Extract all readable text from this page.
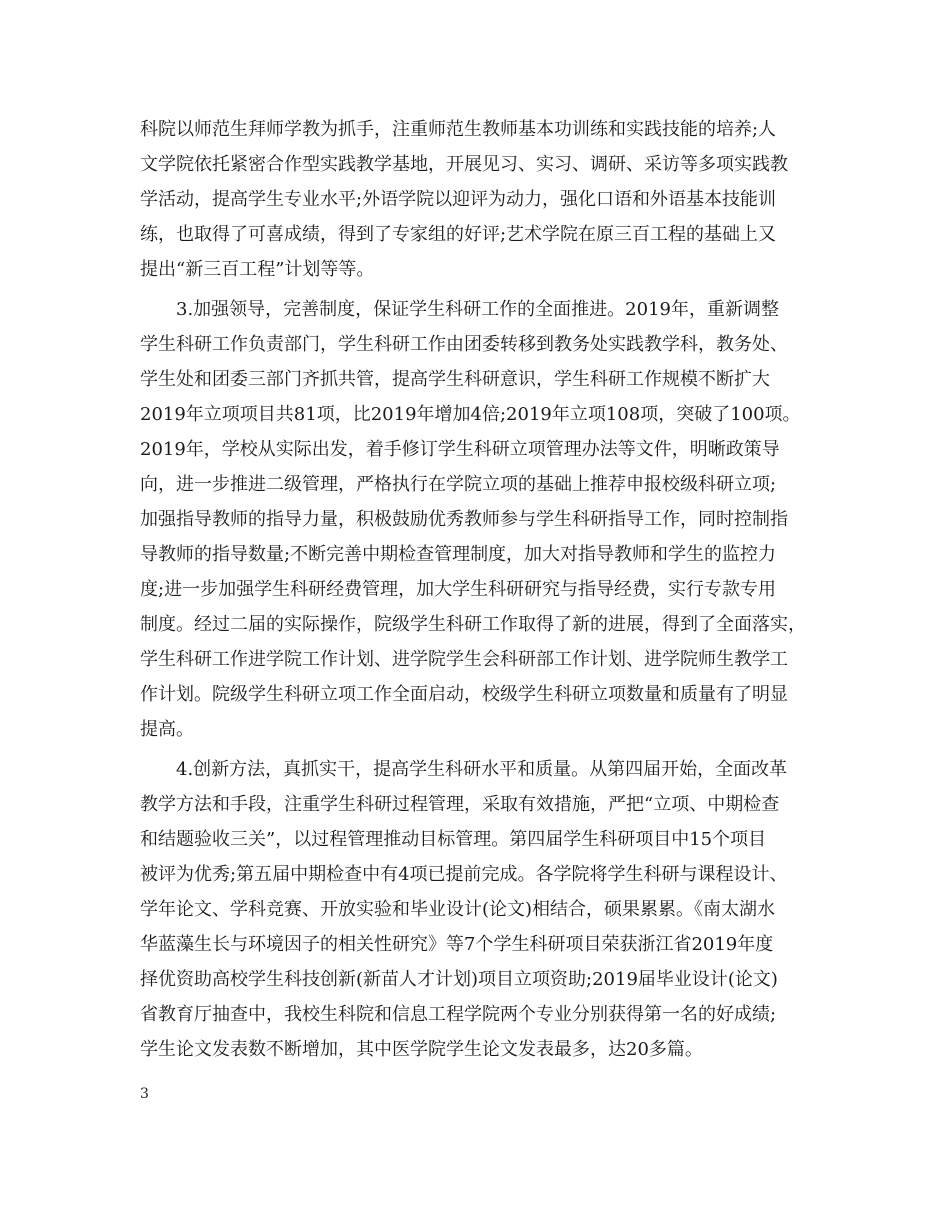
科院以师范生拜师学教为抓手，注重师范生教师基本功训练和实践技能的培养;人
文学院依托紧密合作型实践教学基地，开展见习、实习、调研、采访等多项实践教
学活动，提高学生专业水平;外语学院以迎评为动力，强化口语和外语基本技能训
练，也取得了可喜成绩，得到了专家组的好评;艺术学院在原三百工程的基础上又
提出“新三百工程”计划等等。

3.加强领导，完善制度，保证学生科研工作的全面推进。2019年，重新调整
学生科研工作负责部门，学生科研工作由团委转移到教务处实践教学科，教务处、
学生处和团委三部门齐抓共管，提高学生科研意识，学生科研工作规模不断扩大
2019年立项项目共81项，比2019年增加4倍;2019年立项108项，突破了100项。
2019年，学校从实际出发，着手修订学生科研立项管理办法等文件，明晰政策导
向，进一步推进二级管理，严格执行在学院立项的基础上推荐申报校级科研立项;
加强指导教师的指导力量，积极鼓励优秀教师参与学生科研指导工作，同时控制指
导教师的指导数量;不断完善中期检查管理制度，加大对指导教师和学生的监控力
度;进一步加强学生科研经费管理，加大学生科研研究与指导经费，实行专款专用
制度。经过二届的实际操作，院级学生科研工作取得了新的进展，得到了全面落实，
学生科研工作进学院工作计划、进学院学生会科研部工作计划、进学院师生教学工
作计划。院级学生科研立项工作全面启动，校级学生科研立项数量和质量有了明显
提高。

4.创新方法，真抓实干，提高学生科研水平和质量。从第四届开始，全面改革
教学方法和手段，注重学生科研过程管理，采取有效措施，严把“立项、中期检查
和结题验收三关”，以过程管理推动目标管理。第四届学生科研项目中15个项目
被评为优秀;第五届中期检查中有4项已提前完成。各学院将学生科研与课程设计、
学年论文、学科竞赛、开放实验和毕业设计(论文)相结合，硕果累累。《南太湖水
华蓝藻生长与环境因子的相关性研究》等7个学生科研项目荣获浙江省2019年度
择优资助高校学生科技创新(新苗人才计划)项目立项资助;2019届毕业设计(论文)
省教育厅抽查中，我校生科院和信息工程学院两个专业分别获得第一名的好成绩;
学生论文发表数不断增加，其中医学院学生论文发表最多，达20多篇。

3
